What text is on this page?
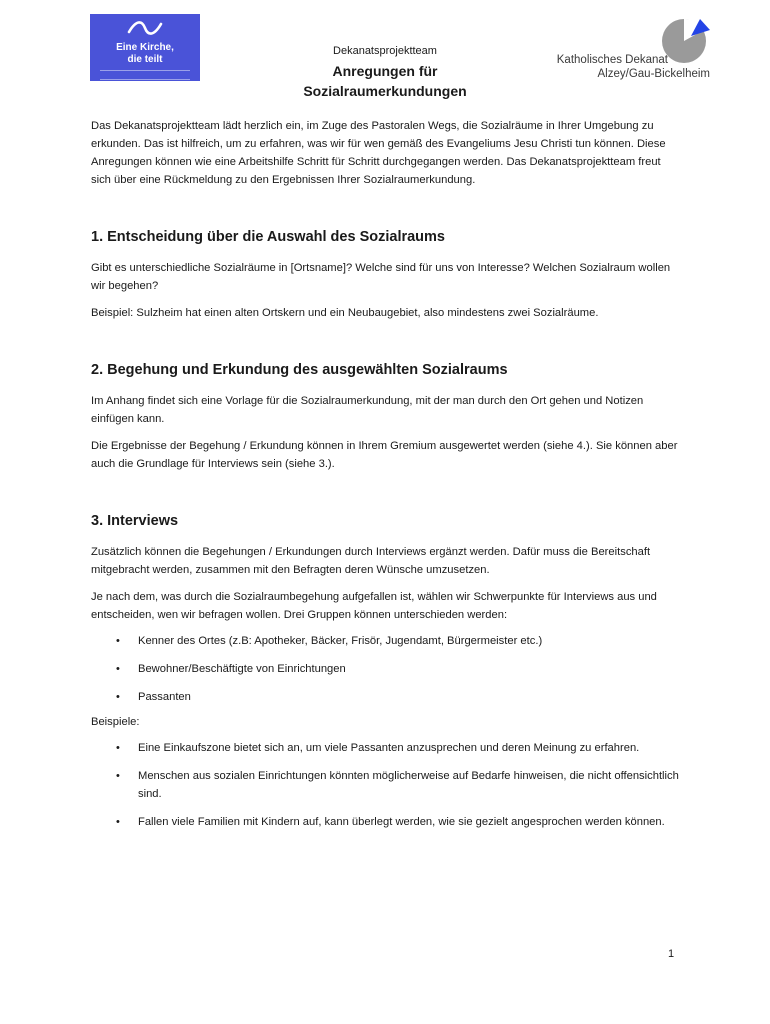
Eine Kirche,
die teilt
Dekanatsprojektteam
Anregungen für
Sozialraumerkundungen
Katholisches Dekanat
Alzey/Gau-Bickelheim

Das Dekanatsprojektteam lädt herzlich ein, im Zuge des Pastoralen Wegs, die Sozialräume in Ihrer Umgebung zu erkunden. Das ist hilfreich, um zu erfahren, was wir für wen gemäß des Evangeliums Jesu Christi tun können. Diese Anregungen können wie eine Arbeitshilfe Schritt für Schritt durchgegangen werden. Das Dekanatsprojektteam freut sich über eine Rückmeldung zu den Ergebnissen Ihrer Sozialraumerkundung.

1. Entscheidung über die Auswahl des Sozialraums

Gibt es unterschiedliche Sozialräume in [Ortsname]? Welche sind für uns von Interesse? Welchen Sozialraum wollen wir begehen?

Beispiel: Sulzheim hat einen alten Ortskern und ein Neubaugebiet, also mindestens zwei Sozialräume.

2. Begehung und Erkundung des ausgewählten Sozialraums

Im Anhang findet sich eine Vorlage für die Sozialraumerkundung, mit der man durch den Ort gehen und Notizen einfügen kann.

Die Ergebnisse der Begehung / Erkundung können in Ihrem Gremium ausgewertet werden (siehe 4.). Sie können aber auch die Grundlage für Interviews sein (siehe 3.).

3. Interviews

Zusätzlich können die Begehungen / Erkundungen durch Interviews ergänzt werden. Dafür muss die Bereitschaft mitgebracht werden, zusammen mit den Befragten deren Wünsche umzusetzen.

Je nach dem, was durch die Sozialraumbegehung aufgefallen ist, wählen wir Schwerpunkte für Interviews aus und entscheiden, wen wir befragen wollen. Drei Gruppen können unterschieden werden:

• Kenner des Ortes (z.B: Apotheker, Bäcker, Frisör, Jugendamt, Bürgermeister etc.)
• Bewohner/Beschäftigte von Einrichtungen
• Passanten

Beispiele:

• Eine Einkaufszone bietet sich an, um viele Passanten anzusprechen und deren Meinung zu erfahren.
• Menschen aus sozialen Einrichtungen könnten möglicherweise auf Bedarfe hinweisen, die nicht offensichtlich sind.
• Fallen viele Familien mit Kindern auf, kann überlegt werden, wie sie gezielt angesprochen werden können.
1
